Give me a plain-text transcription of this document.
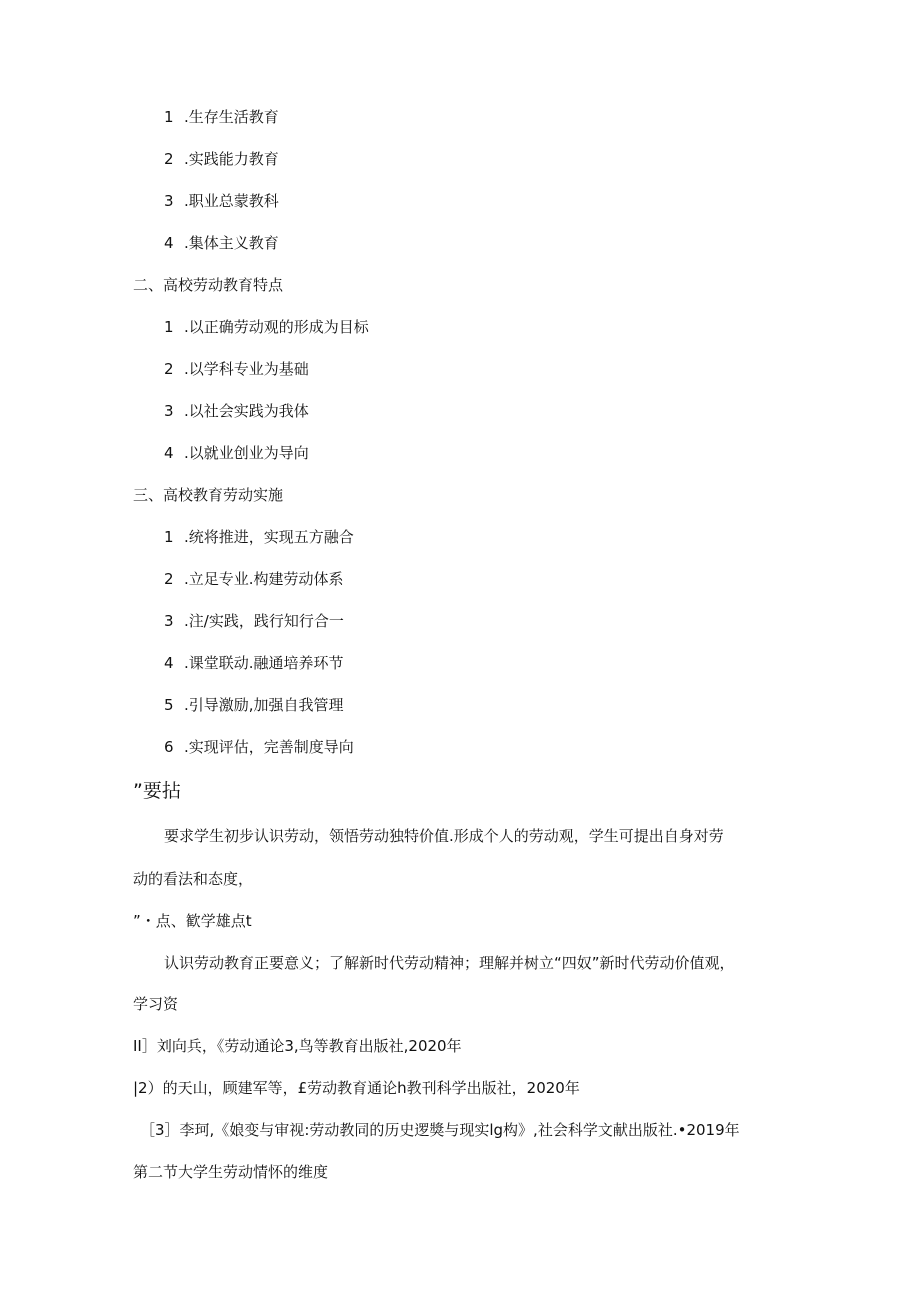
1 .生存生活教育
2 .实践能力教育
3 .职业总蒙教科
4 .集体主义教育
二、高校劳动教育特点
1 .以正确劳动观的形成为目标
2 .以学科专业为基础
3 .以社会实践为我体
4 .以就业创业为导向
三、高校教育劳动实施
1 .统将推进，实现五方融合
2 .立足专业.构建劳动体系
3 .注/实践，践行知行合一
4 .课堂联动.融通培养环节
5 .引导激励,加强自我管理
6 .实现评估，完善制度导向
”要拈
要求学生初步认识劳动，领悟劳动独特价值.形成个人的劳动观，学生可提出自身对劳
动的看法和态度，
”・点、歓学雄点t
认识劳动教育正要意义；了解新时代劳动精神；理解并树立“四奴”新时代劳动价值观，
学习资
II］刘向兵，《劳动通论3,鸟等教育出版社,2020年
|2）的天山，顾建军等，£劳动教育通论h教刊科学出版社，2020年
［3］李珂,《娘变与审视:劳动教同的历史逻獎与现实lg构》,社会科学文献出版社.•2019年
第二节大学生劳动情怀的维度
